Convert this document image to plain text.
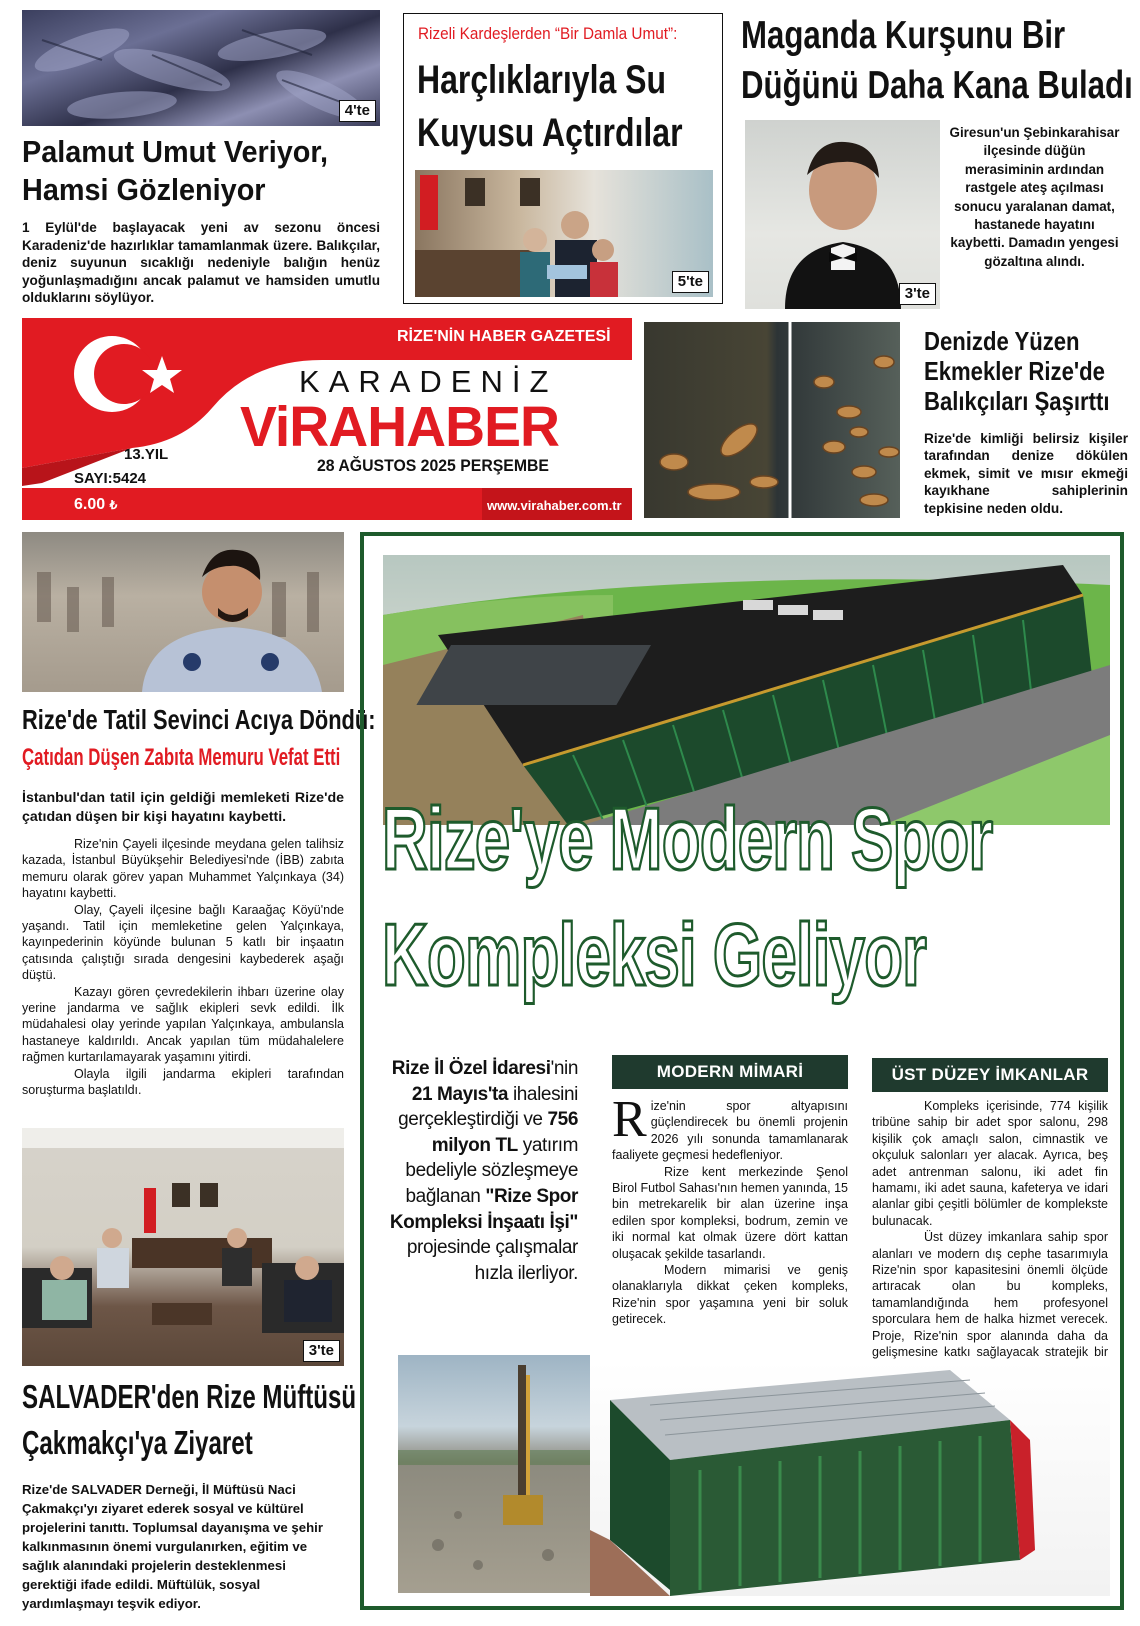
4'te
Palamut Umut Veriyor,
Hamsi Gözleniyor
1 Eylül'de başlayacak yeni av sezonu öncesi Karadeniz'de hazırlıklar tamamlanmak üzere. Balıkçılar, deniz suyunun sıcaklığı nedeniyle balığın henüz yoğunlaşmadığını ancak palamut ve hamsiden umutlu olduklarını söylüyor.
Rizeli Kardeşlerden “Bir Damla Umut”:
Harçlıklarıyla Su
Kuyusu Açtırdılar
5'te
Maganda Kurşunu Bir
Düğünü Daha Kana Buladı
3'te
Giresun'un Şebinkarahisar ilçesinde düğün merasiminin ardından rastgele ateş açılması sonucu yaralanan damat, hastanede hayatını kaybetti. Damadın yengesi gözaltına alındı.
RİZE'NİN HABER GAZETESİ
KARADENİZ
ViRAHABER
13.YIL
SAYI:5424
28 AĞUSTOS 2025 PERŞEMBE
6.00 ₺	www.virahaber.com.tr
Denizde Yüzen
Ekmekler Rize'de
Balıkçıları Şaşırttı
Rize'de kimliği belirsiz kişiler tarafından denize dökülen ekmek, simit ve mısır ekmeği kayıkhane sahiplerinin tepkisine neden oldu.
Rize'de Tatil Sevinci Acıya Döndü:
Çatıdan Düşen Zabıta Memuru Vefat Etti
İstanbul'dan tatil için geldiği memleketi Rize'de çatıdan düşen bir kişi hayatını kaybetti.

Rize'nin Çayeli ilçesinde meydana gelen talihsiz kazada, İstanbul Büyükşehir Belediyesi'nde (İBB) zabıta memuru olarak görev yapan Muhammet Yalçınkaya (34) hayatını kaybetti.

Olay, Çayeli ilçesine bağlı Karaağaç Köyü'nde yaşandı. Tatil için memleketine gelen Yalçınkaya, kayınpederinin köyünde bulunan 5 katlı bir inşaatın çatısında çalıştığı sırada dengesini kaybederek aşağı düştü.

Kazayı gören çevredekilerin ihbarı üzerine olay yerine jandarma ve sağlık ekipleri sevk edildi. İlk müdahalesi olay yerinde yapılan Yalçınkaya, ambulansla hastaneye kaldırıldı. Ancak yapılan tüm müdahalelere rağmen kurtarılamayarak yaşamını yitirdi.

Olayla ilgili jandarma ekipleri tarafından soruşturma başlatıldı.

3'te
SALVADER'den Rize Müftüsü
Çakmakçı'ya Ziyaret
Rize'de SALVADER Derneği, İl Müftüsü Naci Çakmakçı'yı ziyaret ederek sosyal ve kültürel projelerini tanıttı. Toplumsal dayanışma ve şehir kalkınmasının önemi vurgulanırken, eğitim ve sağlık alanındaki projelerin desteklenmesi gerektiği ifade edildi. Müftülük, sosyal yardımlaşmayı teşvik ediyor.
Rize'ye Modern Spor
Kompleksi Geliyor
Rize İl Özel İdaresi'nin 21 Mayıs'ta ihalesini gerçekleştirdiği ve 756 milyon TL yatırım bedeliyle sözleşmeye bağlanan "Rize Spor Kompleksi İnşaatı İşi" projesinde çalışmalar hızla ilerliyor.
MODERN MİMARİ
Rize'nin spor altyapısını güçlendirecek bu önemli projenin 2026 yılı sonunda tamamlanarak faaliyete geçmesi hedefleniyor.

Rize kent merkezinde Şenol Birol Futbol Sahası'nın hemen yanında, 15 bin metrekarelik bir alan üzerine inşa edilen spor kompleksi, bodrum, zemin ve iki normal kat olmak üzere dört kattan oluşacak şekilde tasarlandı.

Modern mimarisi ve geniş olanaklarıyla dikkat çeken kompleks, Rize'nin spor yaşamına yeni bir soluk getirecek.

ÜST DÜZEY İMKANLAR

Kompleks içerisinde, 774 kişilik tribüne sahip bir adet spor salonu, 298 kişilik çok amaçlı salon, cimnastik ve okçuluk salonları yer alacak. Ayrıca, beş adet antrenman salonu, iki adet fin hamamı, iki adet sauna, kafeterya ve idari alanlar gibi çeşitli bölümler de komplekste bulunacak.

Üst düzey imkanlara sahip spor alanları ve modern dış cephe tasarımıyla Rize'nin spor kapasitesini önemli ölçüde artıracak olan bu kompleks, tamamlandığında hem profesyonel sporculara hem de halka hizmet verecek. Proje, Rize'nin spor alanında daha da gelişmesine katkı sağlayacak stratejik bir
